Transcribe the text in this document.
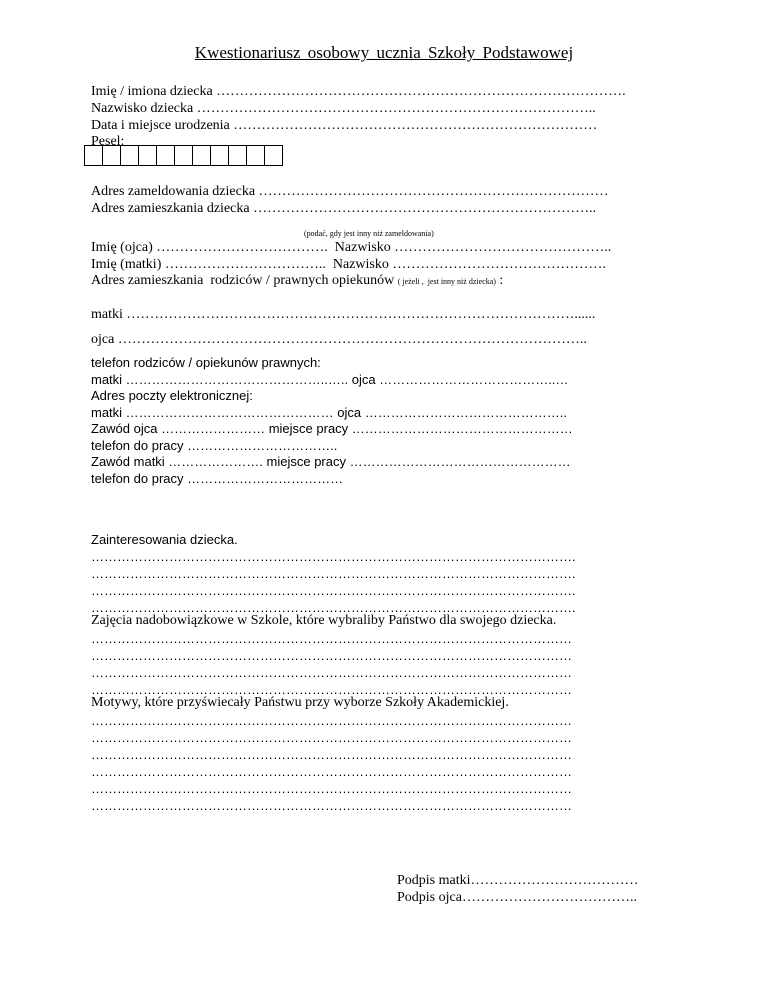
Kwestionariusz osobowy ucznia Szkoły Podstawowej
Imię / imiona dziecka …………………………………………………………………………….
Nazwisko dziecka …………………………………………………………………………..
Data i miejsce urodzenia ……………………………………………………………………
Pesel:
Adres zameldowania dziecka …………………………………………………………………
Adres zamieszkania dziecka ………………………………………………………………..
(podać, gdy jest inny niż zameldowania)
Imię (ojca) ……………………………….  Nazwisko ………………………………………..
Imię (matki) ……………………………..  Nazwisko ……………………………………….
Adres zamieszkania  rodziców / prawnych opiekunów ( jeżeli ,  jest inny niż dziecka) :
matki ……………………………………………………………………………………......
ojca ………………………………………………………………………………………..
telefon rodziców / opiekunów prawnych:
matki ………………………………………..….. ojca …………………………………..…
Adres poczty elektronicznej:
matki ………………………………………… ojca ………………………………………..
Zawód ojca …………………… miejsce pracy ……………………………………………
telefon do pracy ……………………………..
Zawód matki …………………. miejsce pracy ……………………………………………
telefon do pracy ………………………………
Zainteresowania dziecka.
………………………………………………………………………………………………….
………………………………………………………………………………………………….
………………………………………………………………………………………………….
………………………………………………………………………………………………….
Zajęcia nadobowiązkowe w Szkole, które wybraliby Państwo dla swojego dziecka.
…………………………………………………………………………………………………
…………………………………………………………………………………………………
…………………………………………………………………………………………………
…………………………………………………………………………………………………
Motywy, które przyświecały Państwu przy wyborze Szkoły Akademickiej.
…………………………………………………………………………………………………
…………………………………………………………………………………………………
…………………………………………………………………………………………………
…………………………………………………………………………………………………
…………………………………………………………………………………………………
…………………………………………………………………………………………………
Podpis matki………………………………
Podpis ojca………………………………..
